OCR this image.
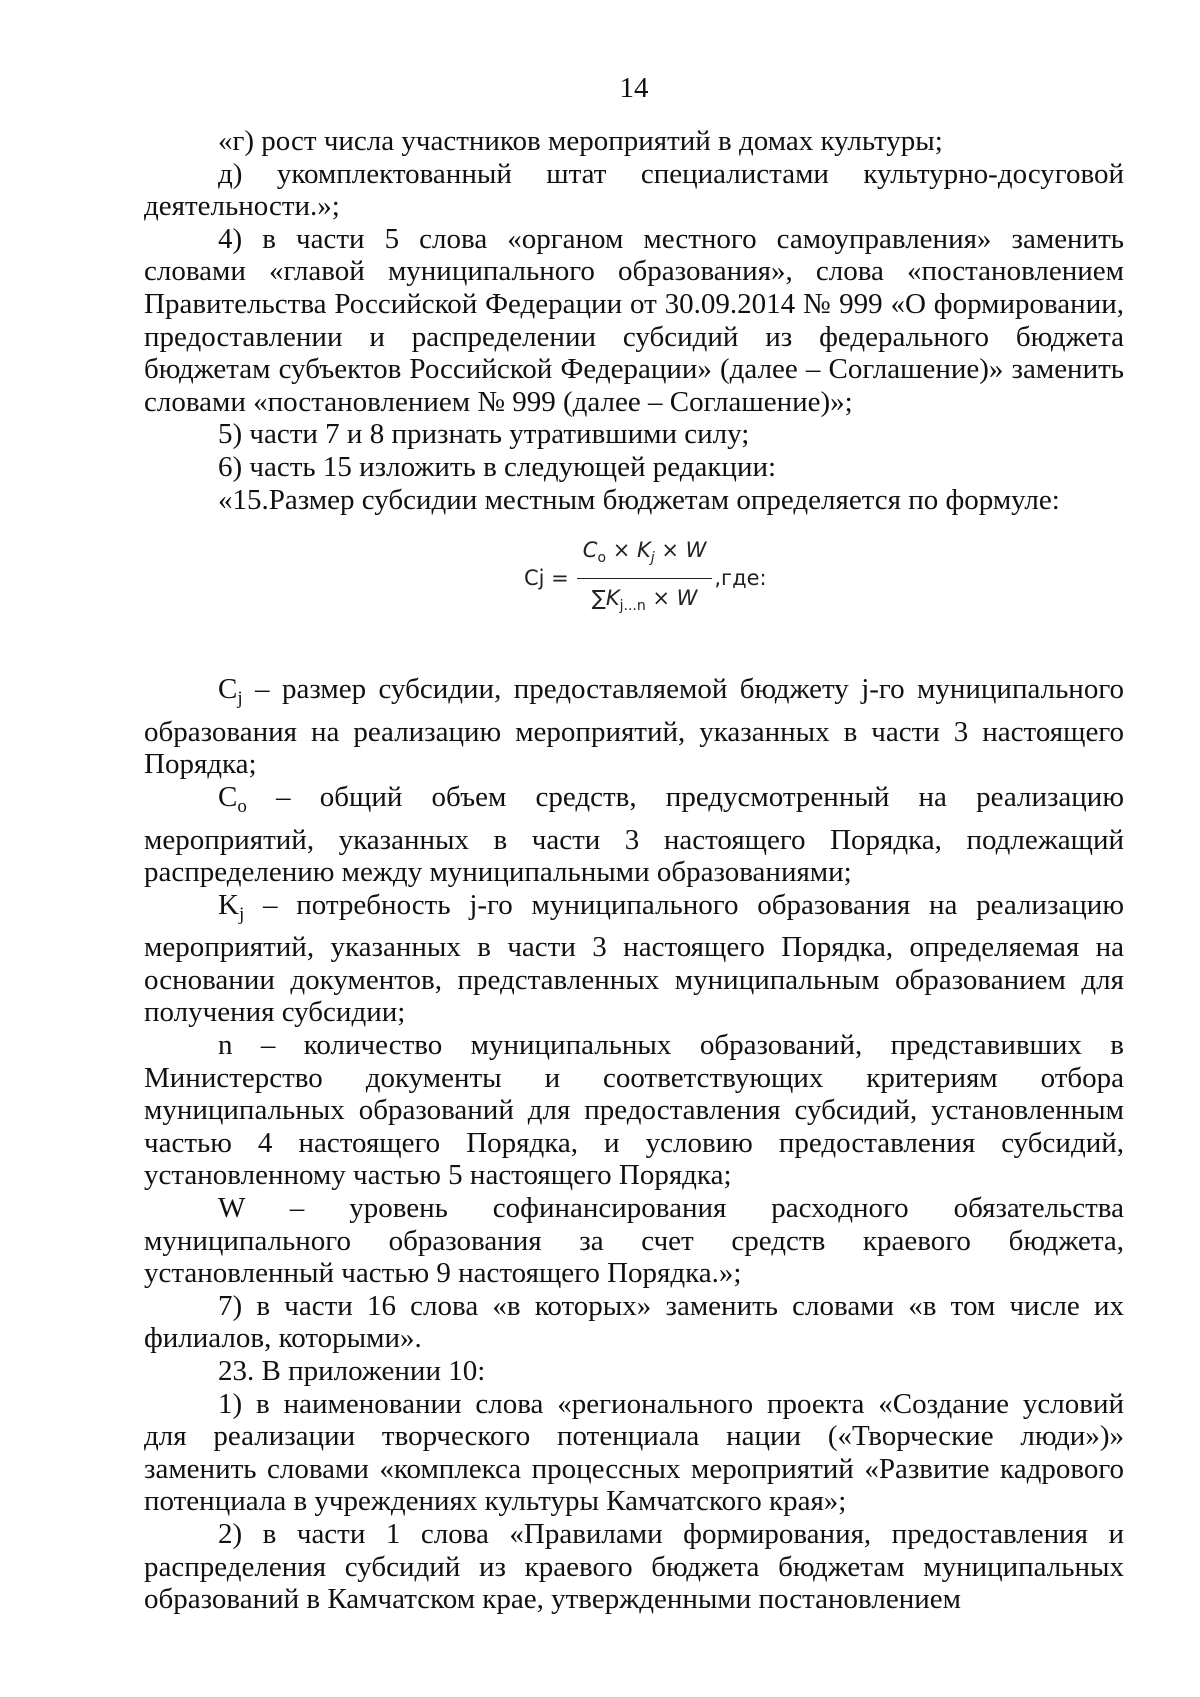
14

«г) рост числа участников мероприятий в домах культуры;

д) укомплектованный штат специалистами культурно-досуговой деятельности.»;

4) в части 5 слова «органом местного самоуправления» заменить словами «главой муниципального образования», слова «постановлением Правительства Российской Федерации от 30.09.2014 № 999 «О формировании, предоставлении и распределении субсидий из федерального бюджета бюджетам субъектов Российской Федерации» (далее – Соглашение)» заменить словами «постановлением № 999 (далее – Соглашение)»;

5) части 7 и 8 признать утратившими силу;

6) часть 15 изложить в следующей редакции:

«15.Размер субсидии местным бюджетам определяется по формуле:

$Cj = \frac{C_o \times K_j \times W}{\sum K_{j...n} \times W} ,где$:

$C_j$ – размер субсидии, предоставляемой бюджету j-го муниципального образования на реализацию мероприятий, указанных в части 3 настоящего Порядка;

$C_о$ – общий объем средств, предусмотренный на реализацию мероприятий, указанных в части 3 настоящего Порядка, подлежащий распределению между муниципальными образованиями;

$K_j$ – потребность j-го муниципального образования на реализацию мероприятий, указанных в части 3 настоящего Порядка, определяемая на основании документов, представленных муниципальным образованием для получения субсидии;

n – количество муниципальных образований, представивших в Министерство документы и соответствующих критериям отбора муниципальных образований для предоставления субсидий, установленным частью 4 настоящего Порядка, и условию предоставления субсидий, установленному частью 5 настоящего Порядка;

W – уровень софинансирования расходного обязательства муниципального образования за счет средств краевого бюджета, установленный частью 9 настоящего Порядка.»;

7) в части 16 слова «в которых» заменить словами «в том числе их филиалов, которыми».

23. В приложении 10:

1) в наименовании слова «регионального проекта «Создание условий для реализации творческого потенциала нации («Творческие люди»)» заменить словами «комплекса процессных мероприятий «Развитие кадрового потенциала в учреждениях культуры Камчатского края»;

2) в части 1 слова «Правилами формирования, предоставления и распределения субсидий из краевого бюджета бюджетам муниципальных образований в Камчатском крае, утвержденными постановлением
